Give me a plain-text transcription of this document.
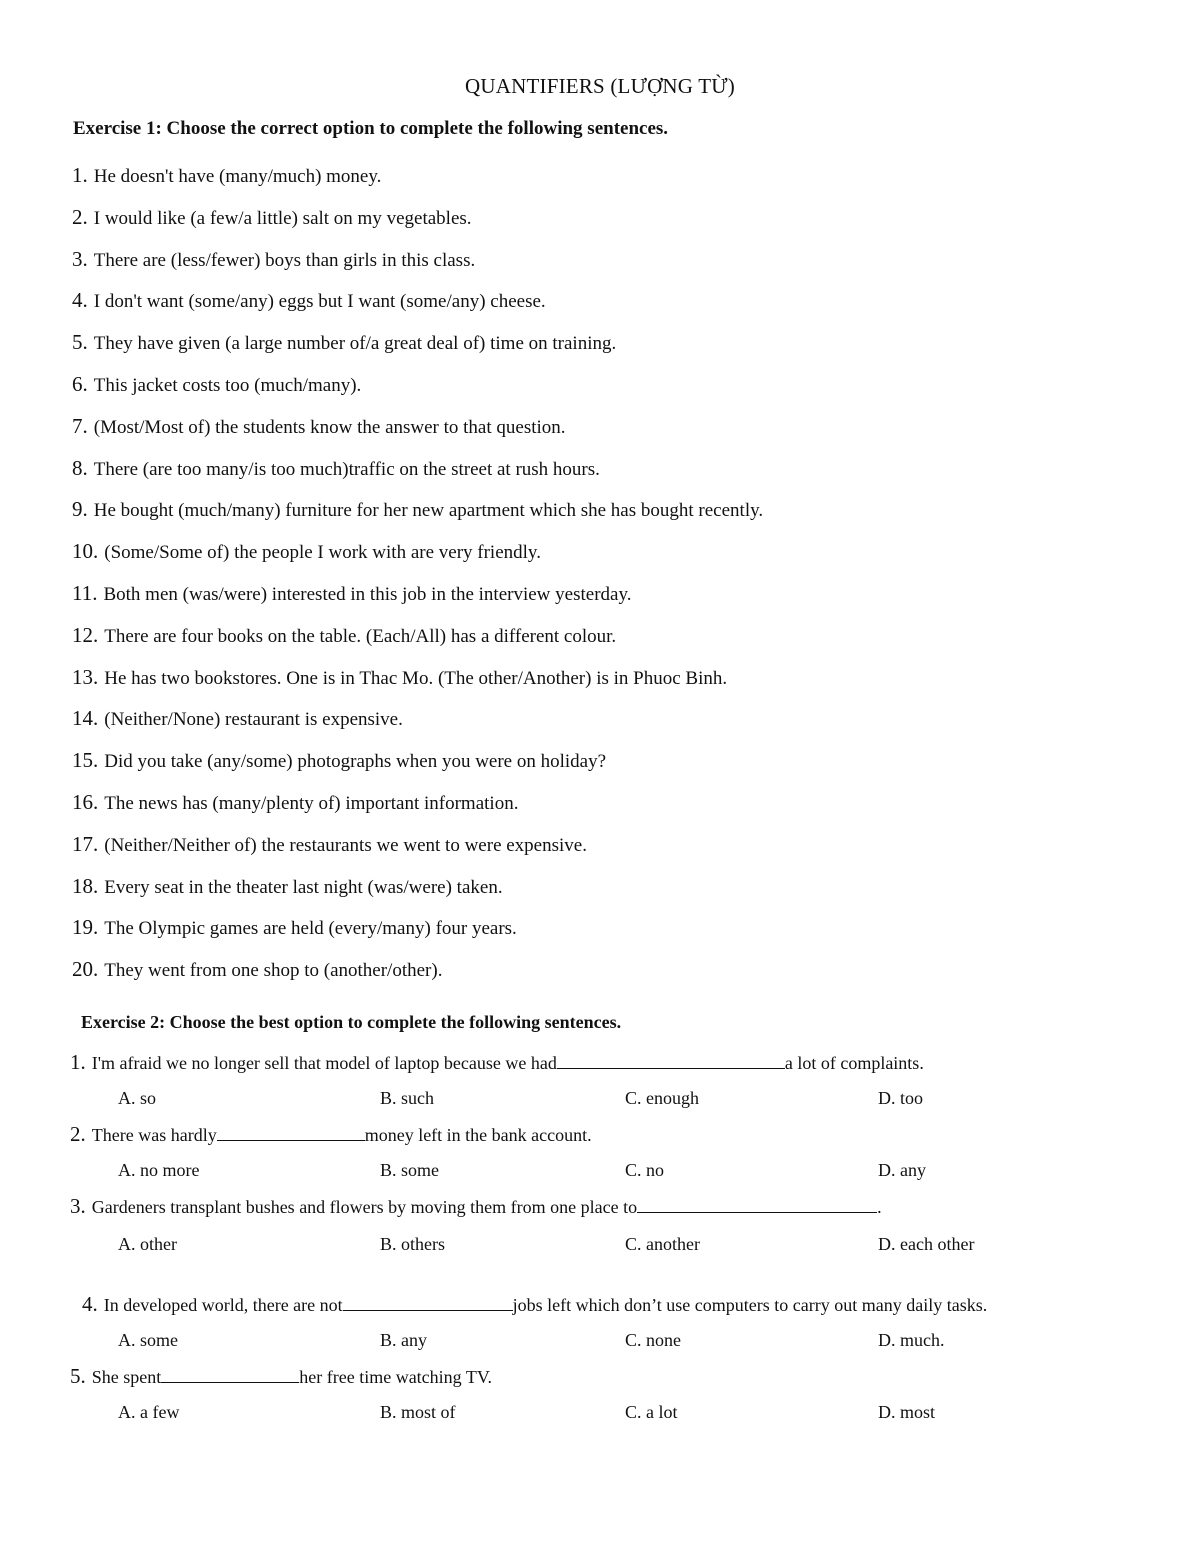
QUANTIFIERS (LƯỢNG TỪ)
Exercise 1: Choose the correct option to complete the following sentences.
1. He doesn't have (many/much) money.
2. I would like (a few/a little) salt on my vegetables.
3. There are (less/fewer) boys than girls in this class.
4. I don't want (some/any) eggs but I want (some/any) cheese.
5. They have given (a large number of/a great deal of) time on training.
6. This jacket costs too (much/many).
7. (Most/Most of) the students know the answer to that question.
8. There (are too many/is too much)traffic on the street at rush hours.
9. He bought (much/many) furniture for her new apartment which she has bought recently.
10. (Some/Some of) the people I work with are very friendly.
11. Both men (was/were) interested in this job in the interview yesterday.
12. There are four books on the table. (Each/All) has a different colour.
13. He has two bookstores. One is in Thac Mo. (The other/Another) is in Phuoc Binh.
14. (Neither/None) restaurant is expensive.
15. Did you take (any/some) photographs when you were on holiday?
16. The news has (many/plenty of) important information.
17. (Neither/Neither of) the restaurants we went to were expensive.
18. Every seat in the theater last night (was/were) taken.
19. The Olympic games are held (every/many) four years.
20. They went from one shop to (another/other).
Exercise 2: Choose the best option to complete the following sentences.
1. I'm afraid we no longer sell that model of laptop because we had	a lot of complaints.
A. so	B. such	C. enough	D. too
2. There was hardly	money left in the bank account.
A. no more	B. some	C. no	D. any
3. Gardeners transplant bushes and flowers by moving them from one place to	.
A. other	B. others	C. another	D. each other
4. In developed world, there are not	jobs left which don’t use computers to carry out many daily tasks.
A. some	B. any	C. none	D. much.
5. She spent	her free time watching TV.
A. a few	B. most of	C. a lot	D. most
